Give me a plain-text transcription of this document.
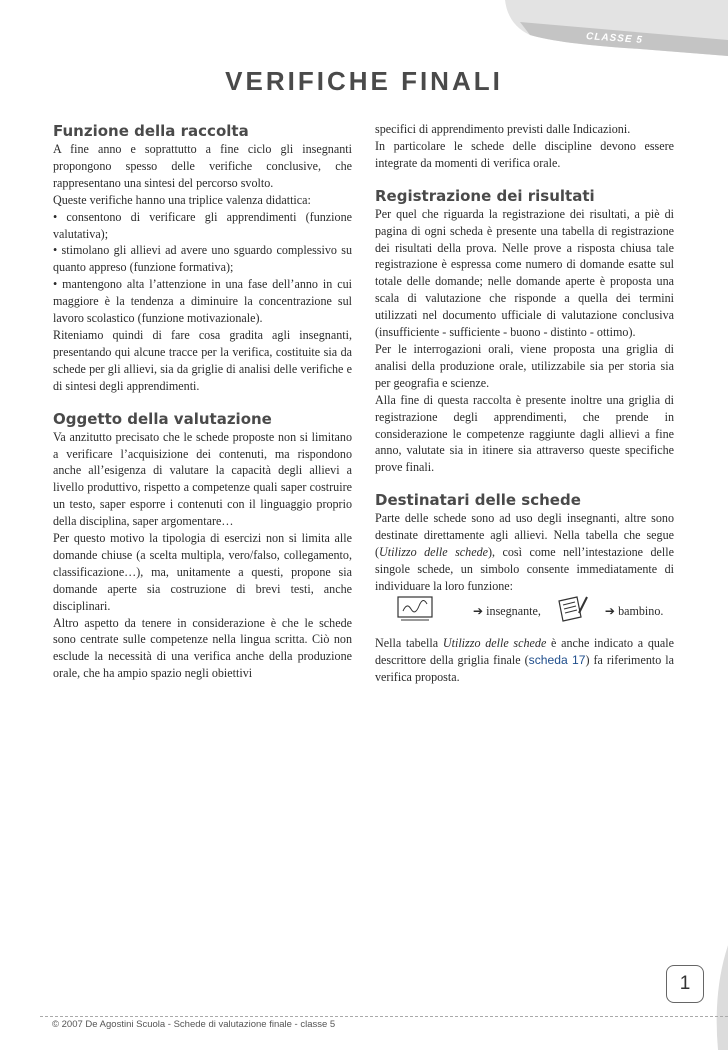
CLASSE 5
VERIFICHE FINALI
Funzione della raccolta

A fine anno e soprattutto a fine ciclo gli insegnanti propongono spesso delle verifiche conclusive, che rappresentano una sintesi del percorso svolto.

Queste verifiche hanno una triplice valenza didattica:

• consentono di verificare gli apprendimenti (funzione valutativa);

• stimolano gli allievi ad avere uno sguardo complessivo su quanto appreso (funzione formativa);

• mantengono alta l’attenzione in una fase dell’anno in cui maggiore è la tendenza a diminuire la concentrazione sul lavoro scolastico (funzione motivazionale).

Riteniamo quindi di fare cosa gradita agli insegnanti, presentando qui alcune tracce per la verifica, costituite sia da schede per gli allievi, sia da griglie di analisi delle verifiche e di sintesi degli apprendimenti.

Oggetto della valutazione

Va anzitutto precisato che le schede proposte non si limitano a verificare l’acquisizione dei contenuti, ma rispondono anche all’esigenza di valutare la capacità degli allievi a livello produttivo, rispetto a competenze quali saper costruire un testo, saper esporre i contenuti con il linguaggio proprio della disciplina, saper argomentare…

Per questo motivo la tipologia di esercizi non si limita alle domande chiuse (a scelta multipla, vero/falso, collegamento, classificazione…), ma, unitamente a questi, propone sia domande aperte sia costruzione di brevi testi, anche disciplinari.

Altro aspetto da tenere in considerazione è che le schede sono centrate sulle competenze nella lingua scritta. Ciò non esclude la necessità di una verifica anche della produzione orale, che ha ampio spazio negli obiettivi

specifici di apprendimento previsti dalle Indicazioni.

In particolare le schede delle discipline devono essere integrate da momenti di verifica orale.

Registrazione dei risultati

Per quel che riguarda la registrazione dei risultati, a piè di pagina di ogni scheda è presente una tabella di registrazione dei risultati della prova. Nelle prove a risposta chiusa tale registrazione è espressa come numero di domande esatte sul totale delle domande; nelle domande aperte è proposta una scala di valutazione che risponde a quella dei termini utilizzati nel documento ufficiale di valutazione conclusiva (insufficiente - sufficiente - buono - distinto - ottimo).

Per le interrogazioni orali, viene proposta una griglia di analisi della produzione orale, utilizzabile sia per storia sia per geografia e scienze.

Alla fine di questa raccolta è presente inoltre una griglia di registrazione degli apprendimenti, che prende in considerazione le competenze raggiunte dagli allievi a fine anno, valutate sia in itinere sia attraverso queste specifiche prove finali.

Destinatari delle schede

Parte delle schede sono ad uso degli insegnanti, altre sono destinate direttamente agli allievi. Nella tabella che segue (Utilizzo delle schede), così come nell’intestazione delle singole schede, un simbolo consente immediatamente di individuare la loro funzione:

➔ insegnante,	➔ bambino.

Nella tabella Utilizzo delle schede è anche indicato a quale descrittore della griglia finale (scheda 17) fa riferimento la verifica proposta.

1
© 2007 De Agostini Scuola - Schede di valutazione finale - classe 5
